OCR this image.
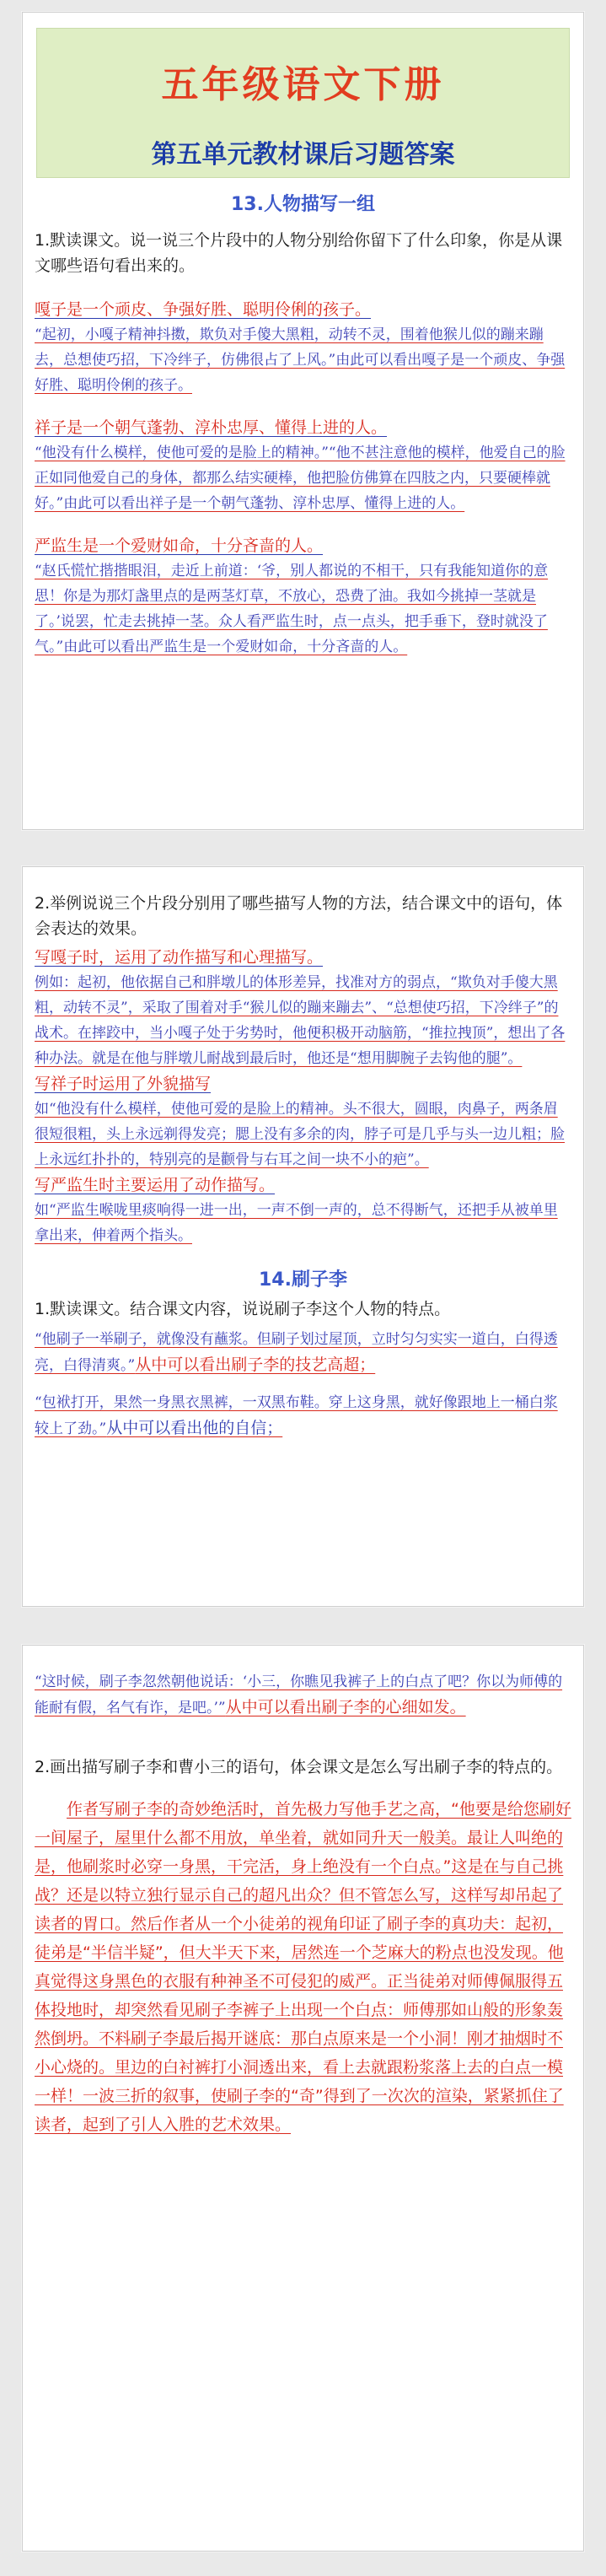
五年级语文下册
第五单元教材课后习题答案
13.人物描写一组
1.默读课文。说一说三个片段中的人物分别给你留下了什么印象，你是从课文哪些语句看出来的。
嘎子是一个顽皮、争强好胜、聪明伶俐的孩子。
“起初，小嘎子精神抖擞，欺负对手傻大黑粗，动转不灵，围着他猴儿似的蹦来蹦去，总想使巧招，下冷绊子，仿佛很占了上风。”由此可以看出嘎子是一个顽皮、争强好胜、聪明伶俐的孩子。
祥子是一个朝气蓬勃、淳朴忠厚、懂得上进的人。
“他没有什么模样，使他可爱的是脸上的精神。”“他不甚注意他的模样，他爱自己的脸正如同他爱自己的身体，都那么结实硬棒，他把脸仿佛算在四肢之内，只要硬棒就好。”由此可以看出祥子是一个朝气蓬勃、淳朴忠厚、懂得上进的人。
严监生是一个爱财如命，十分吝啬的人。
“赵氏慌忙揩揩眼泪，走近上前道：‘爷，别人都说的不相干，只有我能知道你的意思！你是为那灯盏里点的是两茎灯草，不放心，恐费了油。我如今挑掉一茎就是了。’说罢，忙走去挑掉一茎。众人看严监生时，点一点头，把手垂下，登时就没了气。”由此可以看出严监生是一个爱财如命，十分吝啬的人。
2.举例说说三个片段分别用了哪些描写人物的方法，结合课文中的语句，体会表达的效果。
写嘎子时，运用了动作描写和心理描写。
例如：起初，他依据自己和胖墩儿的体形差异，找准对方的弱点，“欺负对手傻大黑粗，动转不灵”，采取了围着对手“猴儿似的蹦来蹦去”、“总想使巧招，下冷绊子”的战术。在摔跤中，当小嘎子处于劣势时，他便积极开动脑筋，“推拉拽顶”，想出了各种办法。就是在他与胖墩儿耐战到最后时，他还是“想用脚腕子去钩他的腿”。
写祥子时运用了外貌描写
如“他没有什么模样，使他可爱的是脸上的精神。头不很大，圆眼，肉鼻子，两条眉很短很粗，头上永远剃得发亮；腮上没有多余的肉，脖子可是几乎与头一边儿粗；脸上永远红扑扑的，特别亮的是颧骨与右耳之间一块不小的疤”。
写严监生时主要运用了动作描写。
如“严监生喉咙里痰响得一进一出，一声不倒一声的，总不得断气，还把手从被单里拿出来，伸着两个指头。
14.刷子李
1.默读课文。结合课文内容，说说刷子李这个人物的特点。
“他刷子一举刷子，就像没有蘸浆。但刷子划过屋顶，立时匀匀实实一道白，白得透亮，白得清爽。”从中可以看出刷子李的技艺高超；
“包袱打开，果然一身黑衣黑裤，一双黑布鞋。穿上这身黑，就好像跟地上一桶白浆较上了劲。”从中可以看出他的自信；
“这时候，刷子李忽然朝他说话：‘小三，你瞧见我裤子上的白点了吧？你以为师傅的能耐有假，名气有诈，是吧。’”从中可以看出刷子李的心细如发。
2.画出描写刷子李和曹小三的语句，体会课文是怎么写出刷子李的特点的。
作者写刷子李的奇妙绝活时，首先极力写他手艺之高，“他要是给您刷好一间屋子，屋里什么都不用放，单坐着，就如同升天一般美。最让人叫绝的是，他刷浆时必穿一身黑，干完活，身上绝没有一个白点。”这是在与自己挑战？还是以特立独行显示自己的超凡出众？但不管怎么写，这样写却吊起了读者的胃口。然后作者从一个小徒弟的视角印证了刷子李的真功夫：起初，徒弟是“半信半疑”，但大半天下来，居然连一个芝麻大的粉点也没发现。他真觉得这身黑色的衣服有种神圣不可侵犯的威严。正当徒弟对师傅佩服得五体投地时，却突然看见刷子李裤子上出现一个白点：师傅那如山般的形象轰然倒坍。不料刷子李最后揭开谜底：那白点原来是一个小洞！刚才抽烟时不小心烧的。里边的白衬裤打小洞透出来，看上去就跟粉浆落上去的白点一模一样！一波三折的叙事，使刷子李的“奇”得到了一次次的渲染，紧紧抓住了读者，起到了引人入胜的艺术效果。
